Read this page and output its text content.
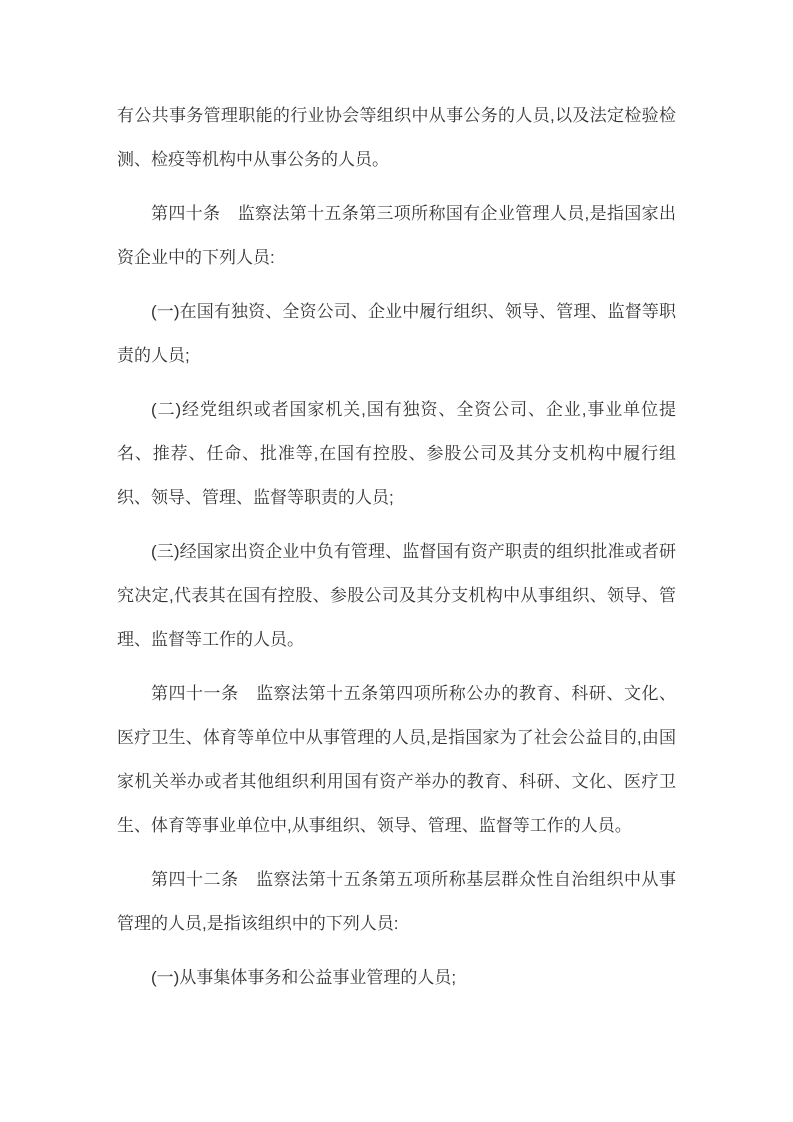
有公共事务管理职能的行业协会等组织中从事公务的人员,以及法定检验检测、检疫等机构中从事公务的人员。

第四十条　监察法第十五条第三项所称国有企业管理人员,是指国家出资企业中的下列人员:

(一)在国有独资、全资公司、企业中履行组织、领导、管理、监督等职责的人员;

(二)经党组织或者国家机关,国有独资、全资公司、企业,事业单位提名、推荐、任命、批准等,在国有控股、参股公司及其分支机构中履行组织、领导、管理、监督等职责的人员;

(三)经国家出资企业中负有管理、监督国有资产职责的组织批准或者研究决定,代表其在国有控股、参股公司及其分支机构中从事组织、领导、管理、监督等工作的人员。

第四十一条　监察法第十五条第四项所称公办的教育、科研、文化、医疗卫生、体育等单位中从事管理的人员,是指国家为了社会公益目的,由国家机关举办或者其他组织利用国有资产举办的教育、科研、文化、医疗卫生、体育等事业单位中,从事组织、领导、管理、监督等工作的人员。

第四十二条　监察法第十五条第五项所称基层群众性自治组织中从事管理的人员,是指该组织中的下列人员:

(一)从事集体事务和公益事业管理的人员;
